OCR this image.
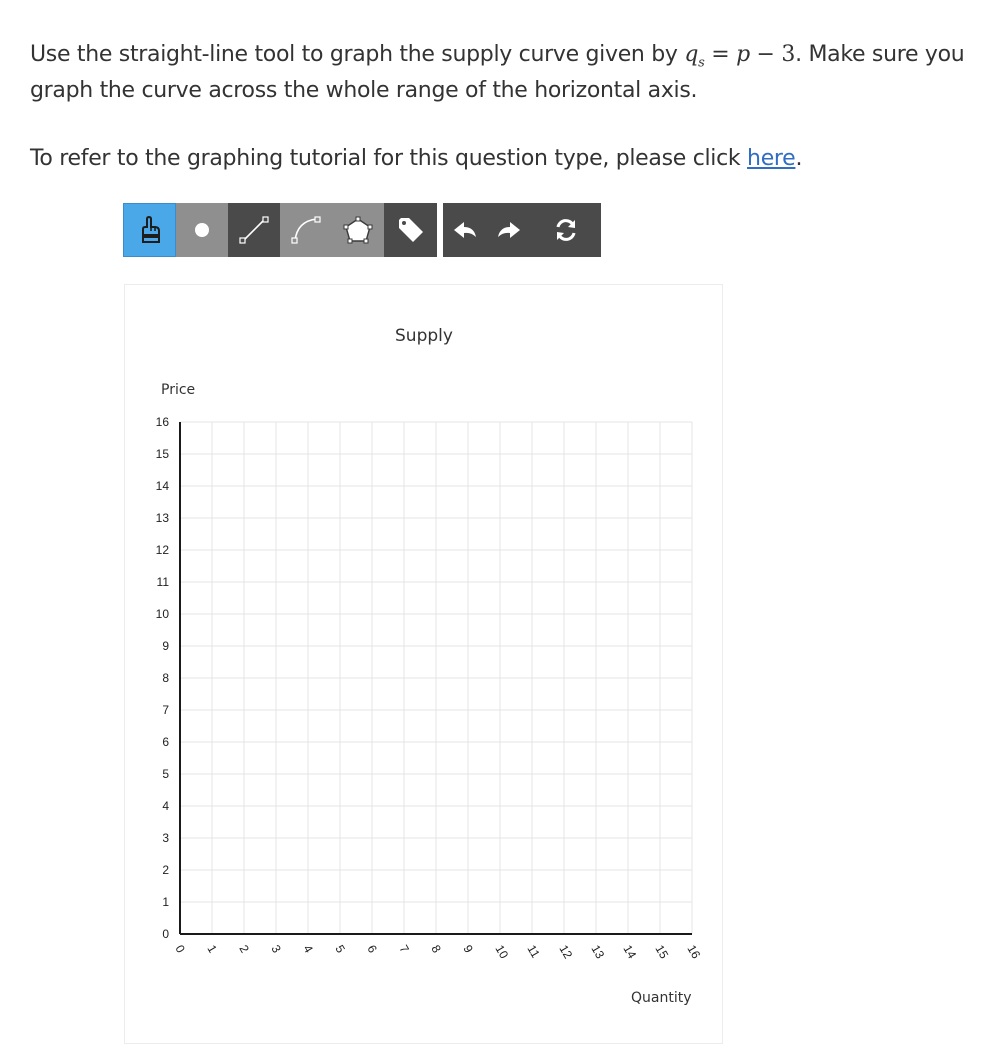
Use the straight-line tool to graph the supply curve given by $q_s = p - 3$. Make sure you
graph the curve across the whole range of the horizontal axis.
To refer to the graphing tutorial for this question type, please click here.
0 1 2 3 4 5 6 7 8 9 10 11 12 13 14 15 16
0
1
2
3
4
5
6
7
8
9
10
11
12
13
14
15
16
Supply
Price
Quantity
